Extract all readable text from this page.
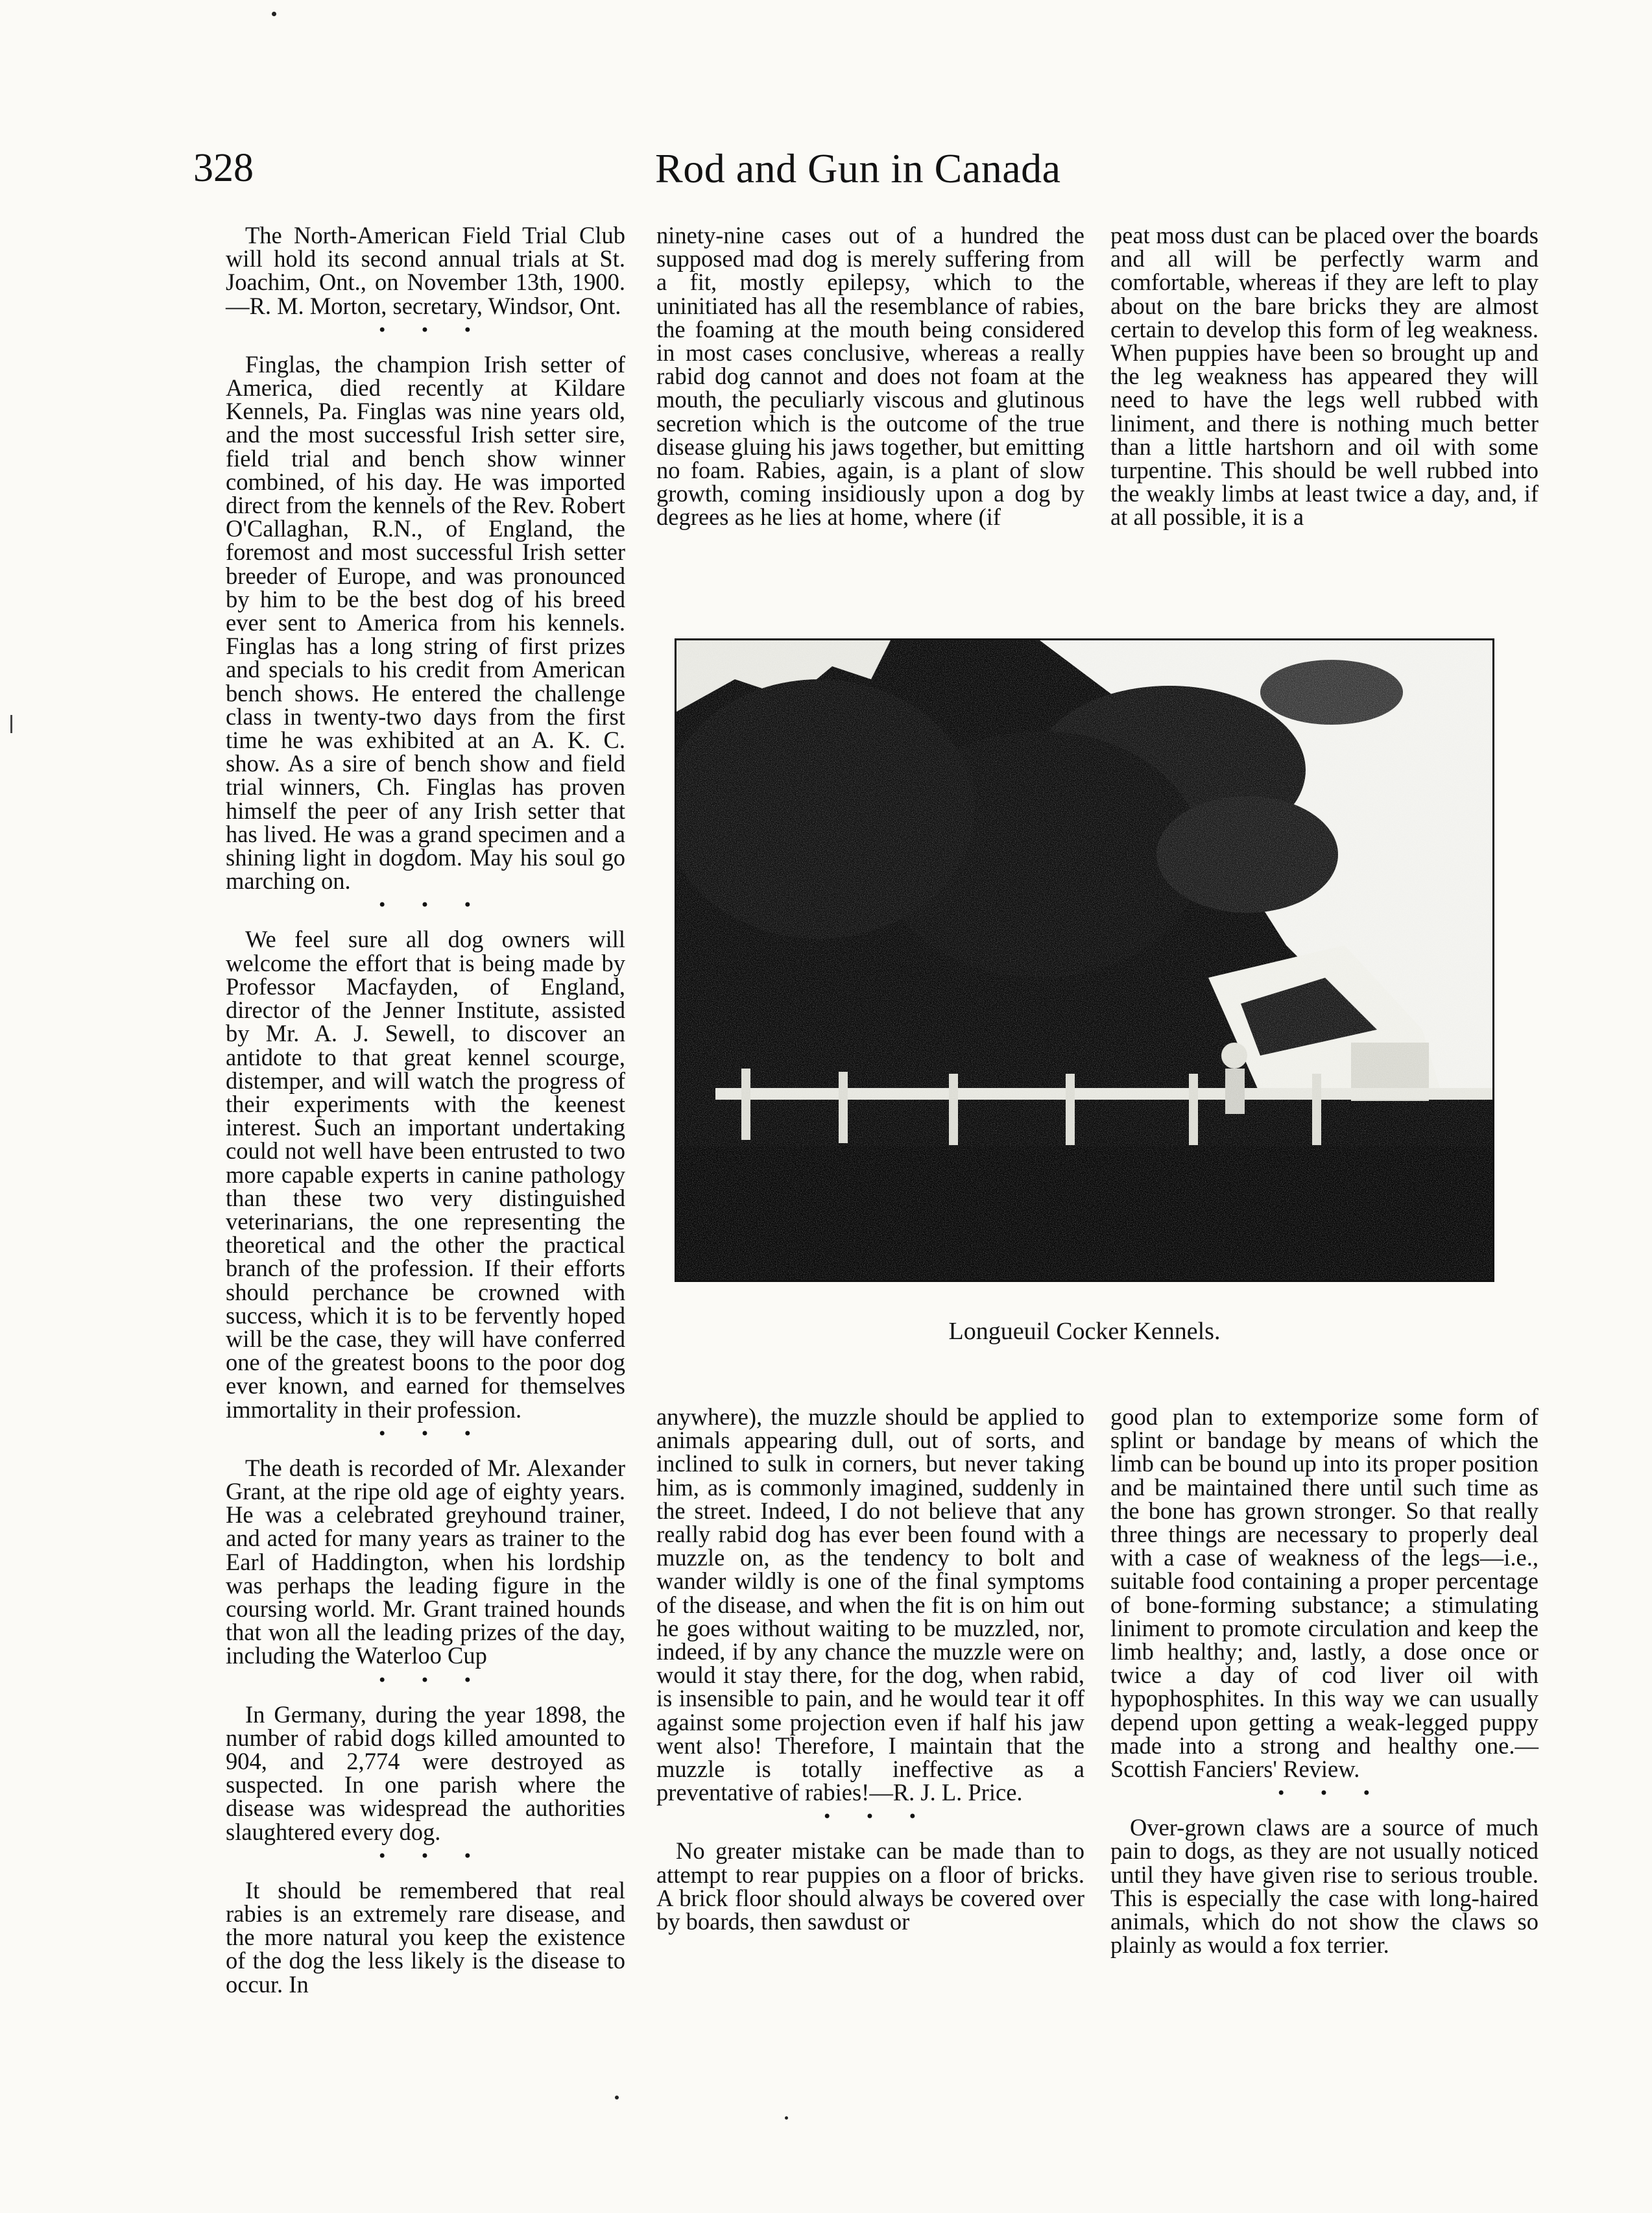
328	Rod and Gun in Canada

The North-American Field Trial Club will hold its second annual trials at St. Joachim, Ont., on November 13th, 1900.—R. M. Morton, secretary, Windsor, Ont.

• • •

Finglas, the champion Irish setter of America, died recently at Kildare Kennels, Pa. Finglas was nine years old, and the most successful Irish setter sire, field trial and bench show winner combined, of his day. He was imported direct from the kennels of the Rev. Robert O'Callaghan, R.N., of England, the foremost and most successful Irish setter breeder of Europe, and was pronounced by him to be the best dog of his breed ever sent to America from his kennels. Finglas has a long string of first prizes and specials to his credit from American bench shows. He entered the challenge class in twenty-two days from the first time he was exhibited at an A. K. C. show. As a sire of bench show and field trial winners, Ch. Finglas has proven himself the peer of any Irish setter that has lived. He was a grand specimen and a shining light in dogdom. May his soul go marching on.

• • •

We feel sure all dog owners will welcome the effort that is being made by Professor Macfayden, of England, director of the Jenner Institute, assisted by Mr. A. J. Sewell, to discover an antidote to that great kennel scourge, distemper, and will watch the progress of their experiments with the keenest interest. Such an important undertaking could not well have been entrusted to two more capable experts in canine pathology than these two very distinguished veterinarians, the one representing the theoretical and the other the practical branch of the profession. If their efforts should perchance be crowned with success, which it is to be fervently hoped will be the case, they will have conferred one of the greatest boons to the poor dog ever known, and earned for themselves immortality in their profession.

• • •

The death is recorded of Mr. Alexander Grant, at the ripe old age of eighty years. He was a celebrated greyhound trainer, and acted for many years as trainer to the Earl of Haddington, when his lordship was perhaps the leading figure in the coursing world. Mr. Grant trained hounds that won all the leading prizes of the day, including the Waterloo Cup

• • •

In Germany, during the year 1898, the number of rabid dogs killed amounted to 904, and 2,774 were destroyed as suspected. In one parish where the disease was widespread the authorities slaughtered every dog.

• • •

It should be remembered that real rabies is an extremely rare disease, and the more natural you keep the existence of the dog the less likely is the disease to occur. In

ninety-nine cases out of a hundred the supposed mad dog is merely suffering from a fit, mostly epilepsy, which to the uninitiated has all the resemblance of rabies, the foaming at the mouth being considered in most cases conclusive, whereas a really rabid dog cannot and does not foam at the mouth, the peculiarly viscous and glutinous secretion which is the outcome of the true disease gluing his jaws together, but emitting no foam. Rabies, again, is a plant of slow growth, coming insidiously upon a dog by degrees as he lies at home, where (if

peat moss dust can be placed over the boards and all will be perfectly warm and comfortable, whereas if they are left to play about on the bare bricks they are almost certain to develop this form of leg weakness. When puppies have been so brought up and the leg weakness has appeared they will need to have the legs well rubbed with liniment, and there is nothing much better than a little hartshorn and oil with some turpentine. This should be well rubbed into the weakly limbs at least twice a day, and, if at all possible, it is a

Longueuil Cocker Kennels.

anywhere), the muzzle should be applied to animals appearing dull, out of sorts, and inclined to sulk in corners, but never taking him, as is commonly imagined, suddenly in the street. Indeed, I do not believe that any really rabid dog has ever been found with a muzzle on, as the tendency to bolt and wander wildly is one of the final symptoms of the disease, and when the fit is on him out he goes without waiting to be muzzled, nor, indeed, if by any chance the muzzle were on would it stay there, for the dog, when rabid, is insensible to pain, and he would tear it off against some projection even if half his jaw went also! Therefore, I maintain that the muzzle is totally ineffective as a preventative of rabies!—R. J. L. Price.

• • •

No greater mistake can be made than to attempt to rear puppies on a floor of bricks. A brick floor should always be covered over by boards, then sawdust or

good plan to extemporize some form of splint or bandage by means of which the limb can be bound up into its proper position and be maintained there until such time as the bone has grown stronger. So that really three things are necessary to properly deal with a case of weakness of the legs—i.e., suitable food containing a proper percentage of bone-forming substance; a stimulating liniment to promote circulation and keep the limb healthy; and, lastly, a dose once or twice a day of cod liver oil with hypophosphites. In this way we can usually depend upon getting a weak-legged puppy made into a strong and healthy one.—Scottish Fanciers' Review.

• • •

Over-grown claws are a source of much pain to dogs, as they are not usually noticed until they have given rise to serious trouble. This is especially the case with long-haired animals, which do not show the claws so plainly as would a fox terrier.
